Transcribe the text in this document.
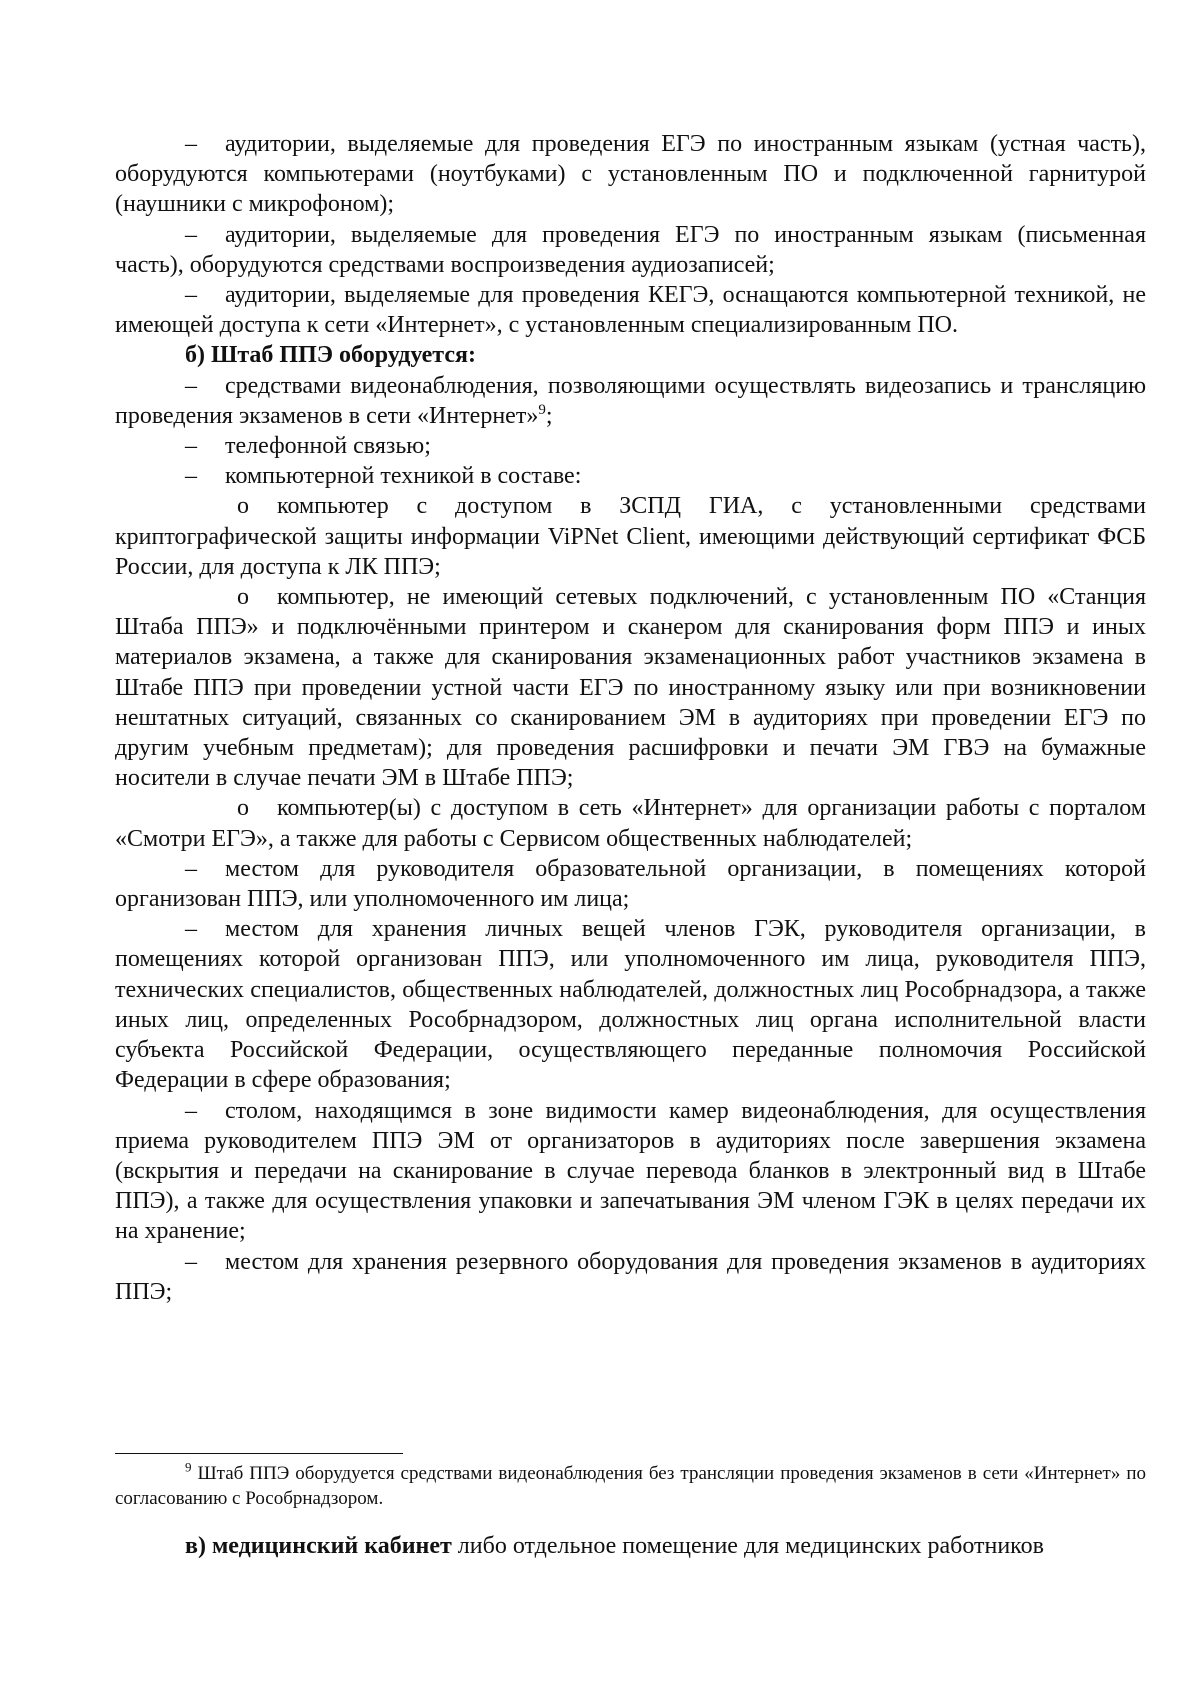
– аудитории, выделяемые для проведения ЕГЭ по иностранным языкам (устная часть), оборудуются компьютерами (ноутбуками) с установленным ПО и подключенной гарнитурой (наушники с микрофоном);

– аудитории, выделяемые для проведения ЕГЭ по иностранным языкам (письменная часть), оборудуются средствами воспроизведения аудиозаписей;

– аудитории, выделяемые для проведения КЕГЭ, оснащаются компьютерной техникой, не имеющей доступа к сети «Интернет», с установленным специализированным ПО.

б) Штаб ППЭ оборудуется:

– средствами видеонаблюдения, позволяющими осуществлять видеозапись и трансляцию проведения экзаменов в сети «Интернет»$^9$;

– телефонной связью;

– компьютерной техникой в составе:

o компьютер с доступом в ЗСПД ГИА, с установленными средствами криптографической защиты информации ViPNet Client, имеющими действующий сертификат ФСБ России, для доступа к ЛК ППЭ;

o компьютер, не имеющий сетевых подключений, с установленным ПО «Станция Штаба ППЭ» и подключёнными принтером и сканером для сканирования форм ППЭ и иных материалов экзамена, а также для сканирования экзаменационных работ участников экзамена в Штабе ППЭ при проведении устной части ЕГЭ по иностранному языку или при возникновении нештатных ситуаций, связанных со сканированием ЭМ в аудиториях при проведении ЕГЭ по другим учебным предметам); для проведения расшифровки и печати ЭМ ГВЭ на бумажные носители в случае печати ЭМ в Штабе ППЭ;

o компьютер(ы) с доступом в сеть «Интернет» для организации работы с порталом «Смотри ЕГЭ», а также для работы с Сервисом общественных наблюдателей;

– местом для руководителя образовательной организации, в помещениях которой организован ППЭ, или уполномоченного им лица;

– местом для хранения личных вещей членов ГЭК, руководителя организации, в помещениях которой организован ППЭ, или уполномоченного им лица, руководителя ППЭ, технических специалистов, общественных наблюдателей, должностных лиц Рособрнадзора, а также иных лиц, определенных Рособрнадзором, должностных лиц органа исполнительной власти субъекта Российской Федерации, осуществляющего переданные полномочия Российской Федерации в сфере образования;

– столом, находящимся в зоне видимости камер видеонаблюдения, для осуществления приема руководителем ППЭ ЭМ от организаторов в аудиториях после завершения экзамена (вскрытия и передачи на сканирование в случае перевода бланков в электронный вид в Штабе ППЭ), а также для осуществления упаковки и запечатывания ЭМ членом ГЭК в целях передачи их на хранение;

– местом для хранения резервного оборудования для проведения экзаменов в аудиториях ППЭ;

$^9$ Штаб ППЭ оборудуется средствами видеонаблюдения без трансляции проведения экзаменов в сети «Интернет» по согласованию с Рособрнадзором.

в) медицинский кабинет либо отдельное помещение для медицинских работников
